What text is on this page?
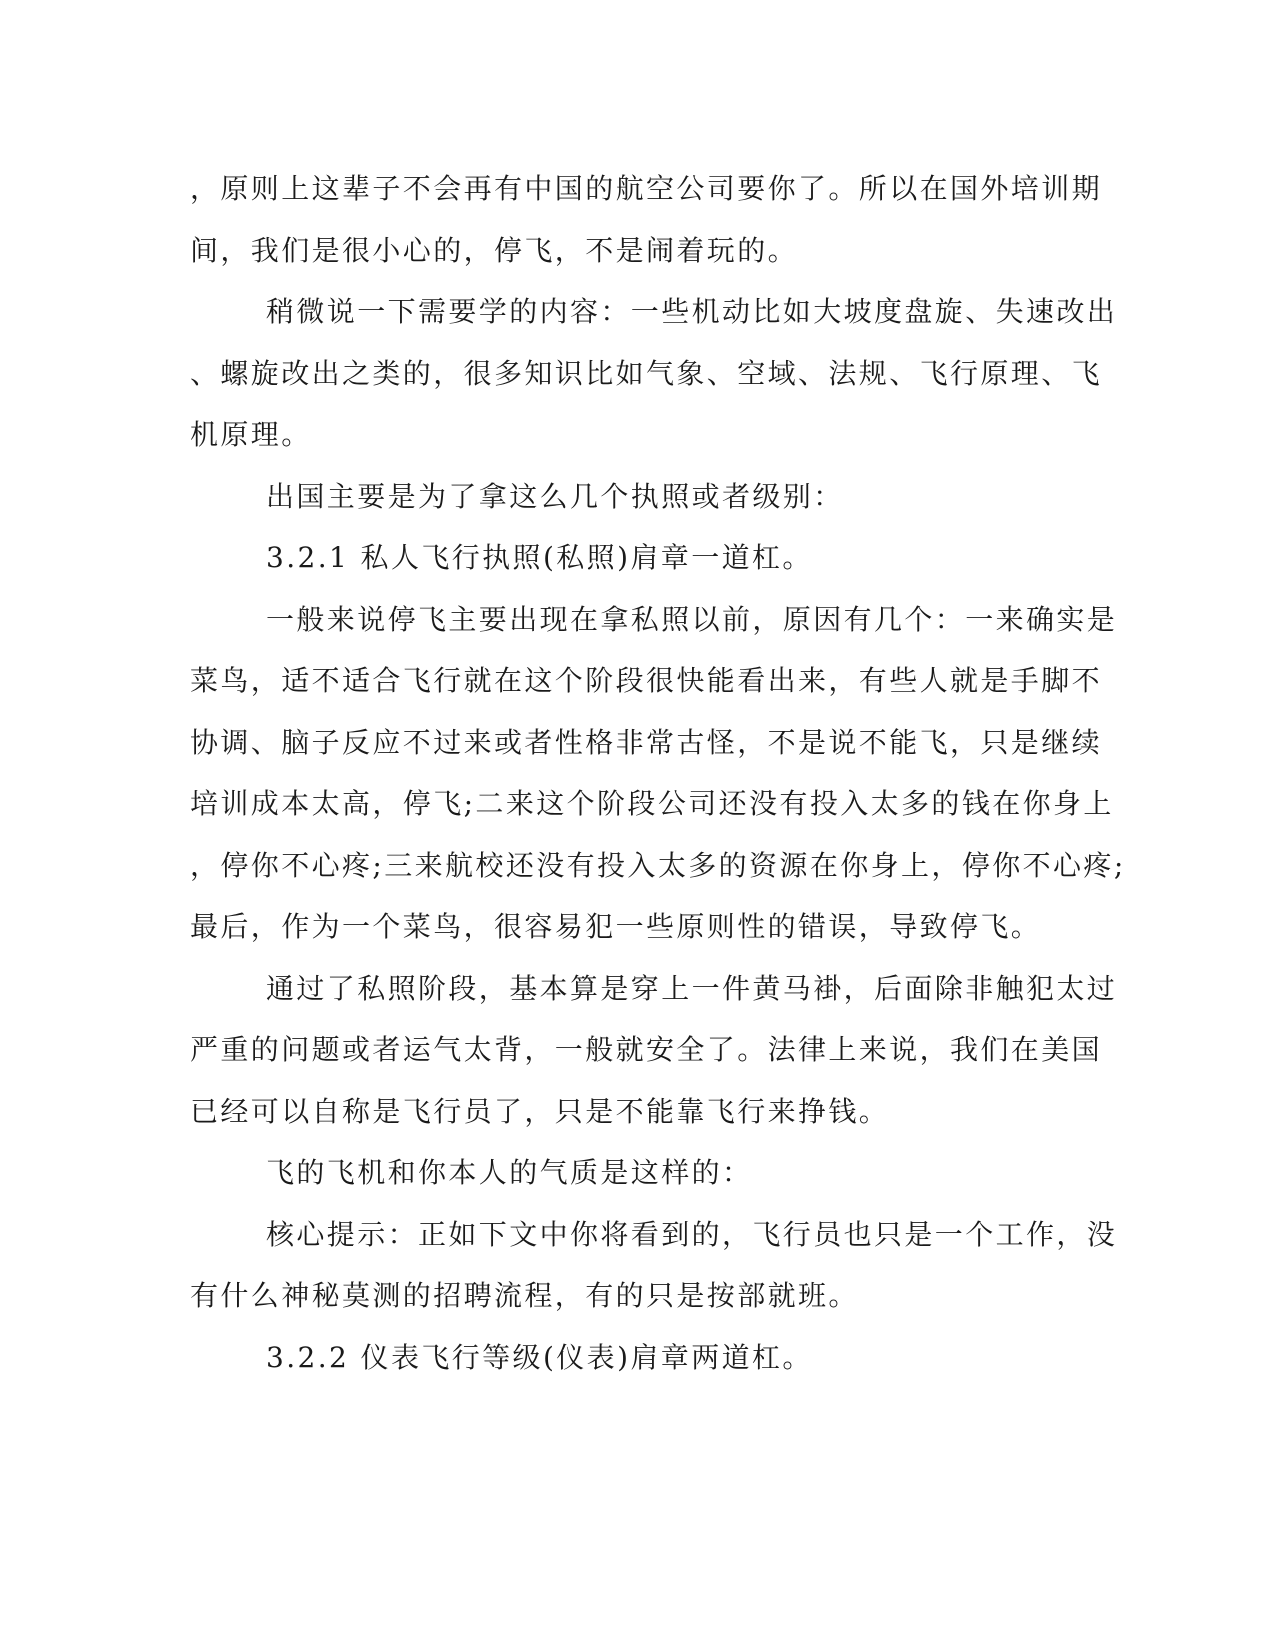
，原则上这辈子不会再有中国的航空公司要你了。所以在国外培训期
间，我们是很小心的，停飞，不是闹着玩的。

稍微说一下需要学的内容：一些机动比如大坡度盘旋、失速改出
、螺旋改出之类的，很多知识比如气象、空域、法规、飞行原理、飞
机原理。

出国主要是为了拿这么几个执照或者级别：

3.2.1 私人飞行执照(私照)肩章一道杠。

一般来说停飞主要出现在拿私照以前，原因有几个：一来确实是
菜鸟，适不适合飞行就在这个阶段很快能看出来，有些人就是手脚不
协调、脑子反应不过来或者性格非常古怪，不是说不能飞，只是继续
培训成本太高，停飞;二来这个阶段公司还没有投入太多的钱在你身上
，停你不心疼;三来航校还没有投入太多的资源在你身上，停你不心疼;
最后，作为一个菜鸟，很容易犯一些原则性的错误，导致停飞。

通过了私照阶段，基本算是穿上一件黄马褂，后面除非触犯太过
严重的问题或者运气太背，一般就安全了。法律上来说，我们在美国
已经可以自称是飞行员了，只是不能靠飞行来挣钱。

飞的飞机和你本人的气质是这样的：

核心提示：正如下文中你将看到的，飞行员也只是一个工作，没
有什么神秘莫测的招聘流程，有的只是按部就班。

3.2.2 仪表飞行等级(仪表)肩章两道杠。
